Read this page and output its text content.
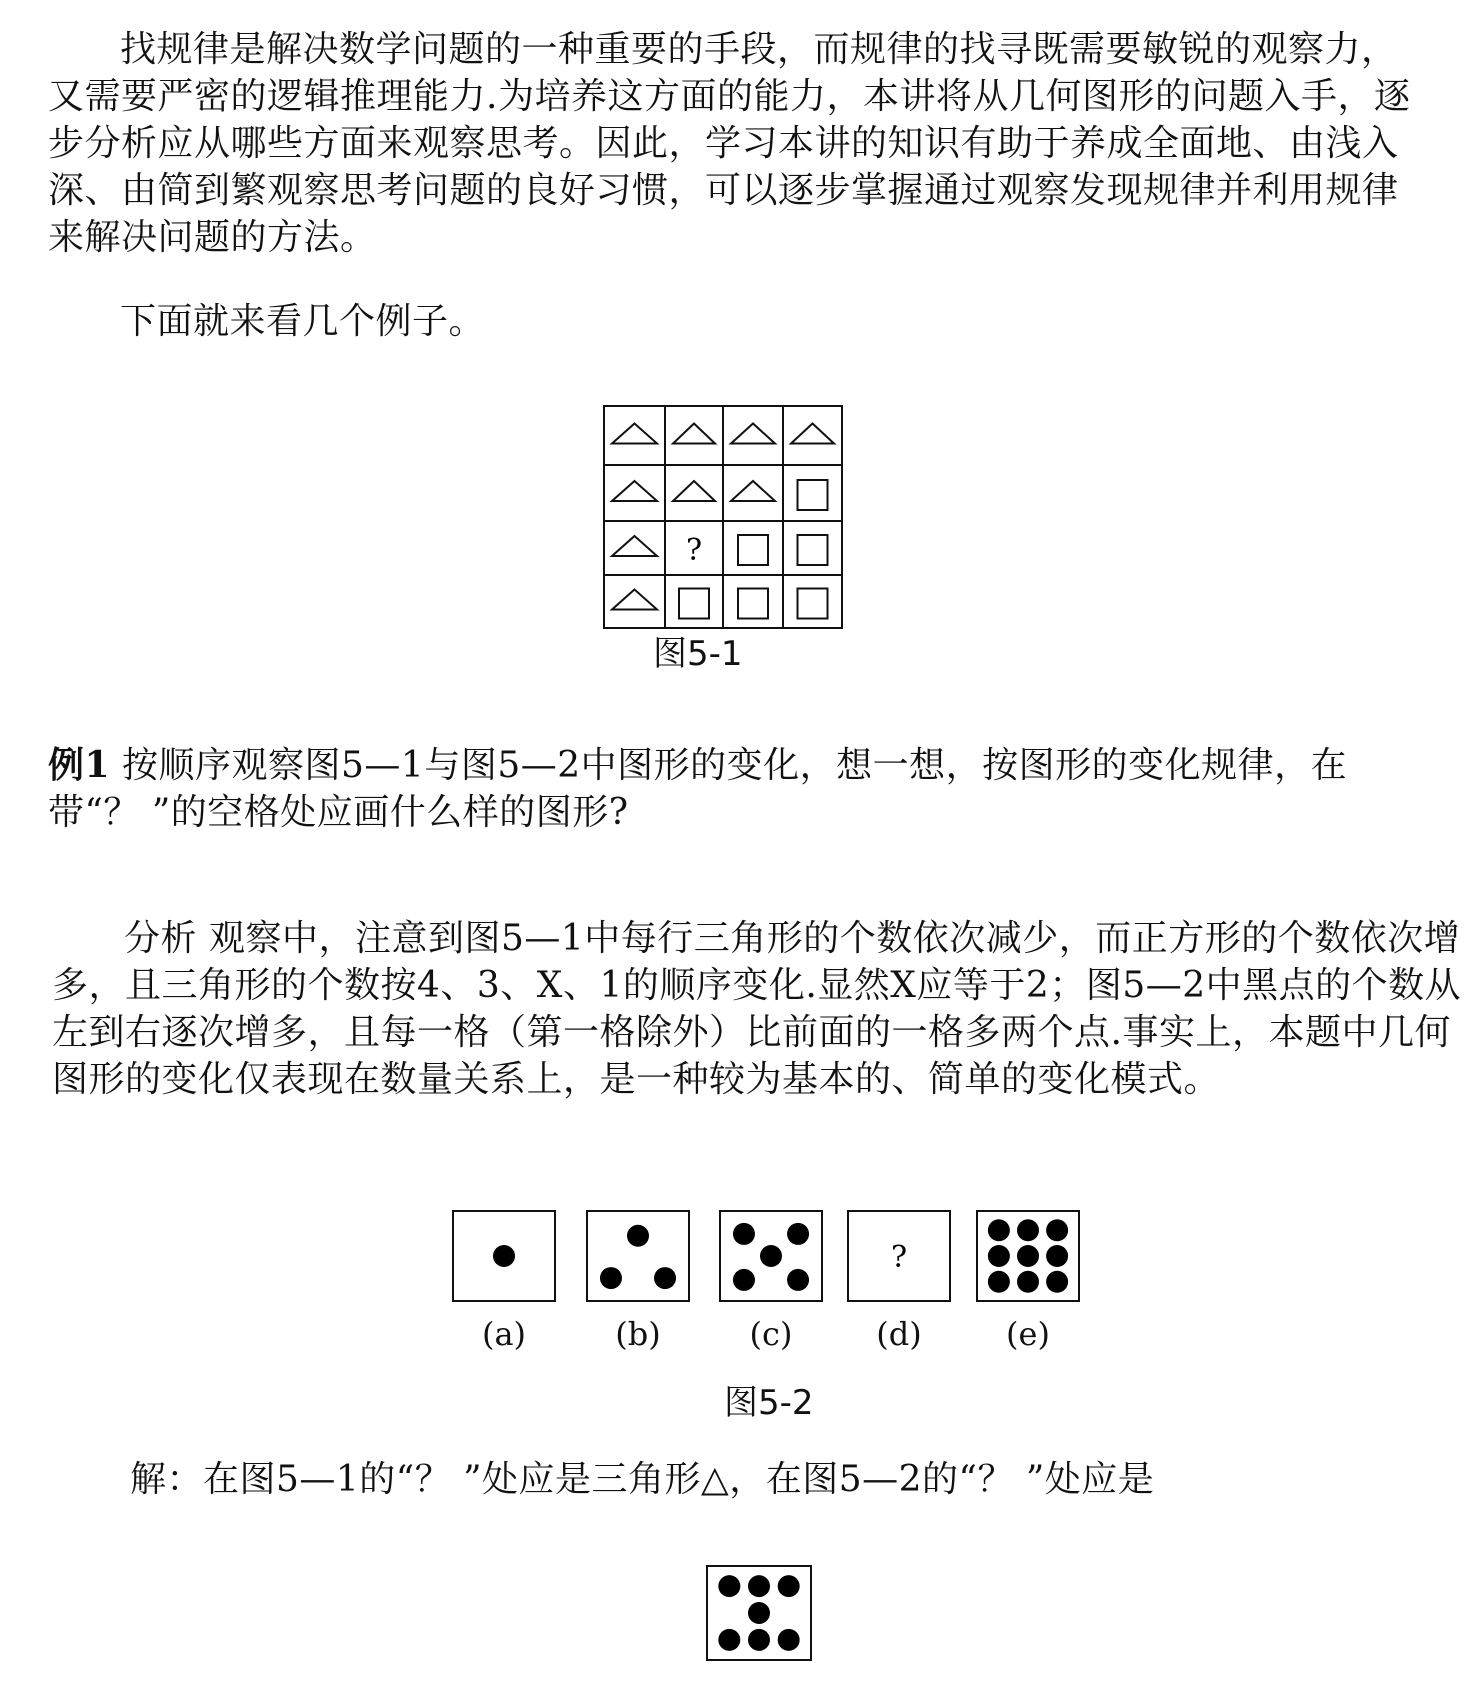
找规律是解决数学问题的一种重要的手段，而规律的找寻既需要敏锐的观察力，又需要严密的逻辑推理能力.为培养这方面的能力，本讲将从几何图形的问题入手，逐步分析应从哪些方面来观察思考。因此，学习本讲的知识有助于养成全面地、由浅入深、由简到繁观察思考问题的良好习惯，可以逐步掌握通过观察发现规律并利用规律来解决问题的方法。

下面就来看几个例子。

?
图5-1

例1 按顺序观察图5—1与图5—2中图形的变化，想一想，按图形的变化规律，在带“？ ”的空格处应画什么样的图形?

分析 观察中，注意到图5—1中每行三角形的个数依次减少，而正方形的个数依次增多，且三角形的个数按4、3、X、1的顺序变化.显然X应等于2；图5—2中黑点的个数从左到右逐次增多，且每一格（第一格除外）比前面的一格多两个点.事实上，本题中几何图形的变化仅表现在数量关系上，是一种较为基本的、简单的变化模式。

?
(a)	(b)	(c)	(d)	(e)
图5-2

解：在图5—1的“？ ”处应是三角形△，在图5—2的“？ ”处应是
